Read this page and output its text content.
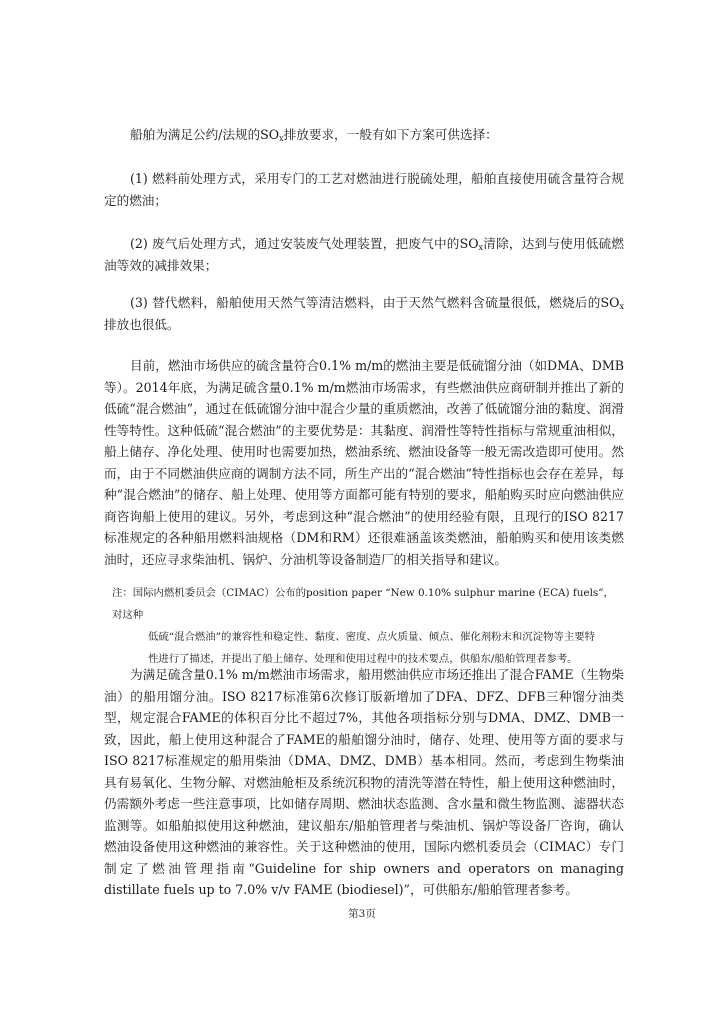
船舶为满足公约/法规的$SO_x$排放要求，一般有如下方案可供选择：

(1) 燃料前处理方式，采用专门的工艺对燃油进行脱硫处理，船舶直接使用硫含量符合规定的燃油；

(2) 废气后处理方式，通过安装废气处理装置，把废气中的$SO_x$清除，达到与使用低硫燃油等效的减排效果；

(3) 替代燃料，船舶使用天然气等清洁燃料，由于天然气燃料含硫量很低，燃烧后的$SO_x$排放也很低。

目前，燃油市场供应的硫含量符合0.1% m/m的燃油主要是低硫馏分油（如DMA、DMB等）。2014年底，为满足硫含量0.1% m/m燃油市场需求，有些燃油供应商研制并推出了新的低硫“混合燃油”，通过在低硫馏分油中混合少量的重质燃油，改善了低硫馏分油的黏度、润滑性等特性。这种低硫“混合燃油”的主要优势是：其黏度、润滑性等特性指标与常规重油相似，船上储存、净化处理、使用时也需要加热，燃油系统、燃油设备等一般无需改造即可使用。然而，由于不同燃油供应商的调制方法不同，所生产出的“混合燃油”特性指标也会存在差异，每种“混合燃油”的储存、船上处理、使用等方面都可能有特别的要求，船舶购买时应向燃油供应商咨询船上使用的建议。另外，考虑到这种“混合燃油”的使用经验有限，且现行的ISO 8217标准规定的各种船用燃料油规格（DM和RM）还很难涵盖该类燃油，船舶购买和使用该类燃油时，还应寻求柴油机、锅炉、分油机等设备制造厂的相关指导和建议。

注：国际内燃机委员会（CIMAC）公布的position paper “New 0.10% sulphur marine (ECA) fuels”，对这种
低硫“混合燃油”的兼容性和稳定性、黏度、密度、点火质量、倾点、催化剂粉末和沉淀物等主要特
性进行了描述，并提出了船上储存、处理和使用过程中的技术要点，供船东/船舶管理者参考。

为满足硫含量0.1% m/m燃油市场需求，船用燃油供应市场还推出了混合FAME（生物柴油）的船用馏分油。ISO 8217标准第6次修订版新增加了DFA、DFZ、DFB三种馏分油类型，规定混合FAME的体积百分比不超过7%，其他各项指标分别与DMA、DMZ、DMB一致，因此，船上使用这种混合了FAME的船舶馏分油时，储存、处理、使用等方面的要求与ISO 8217标准规定的船用柴油（DMA、DMZ、DMB）基本相同。然而，考虑到生物柴油具有易氧化、生物分解、对燃油舱柜及系统沉积物的清洗等潜在特性，船上使用这种燃油时，仍需额外考虑一些注意事项，比如储存周期、燃油状态监测、含水量和微生物监测、滤器状态监测等。如船舶拟使用这种燃油，建议船东/船舶管理者与柴油机、锅炉等设备厂咨询，确认燃油设备使用这种燃油的兼容性。关于这种燃油的使用，国际内燃机委员会（CIMAC）专门制定了燃油管理指南“Guideline for ship owners and operators on managing distillate fuels up to 7.0% v/v FAME (biodiesel)”，可供船东/船舶管理者参考。

第3页
